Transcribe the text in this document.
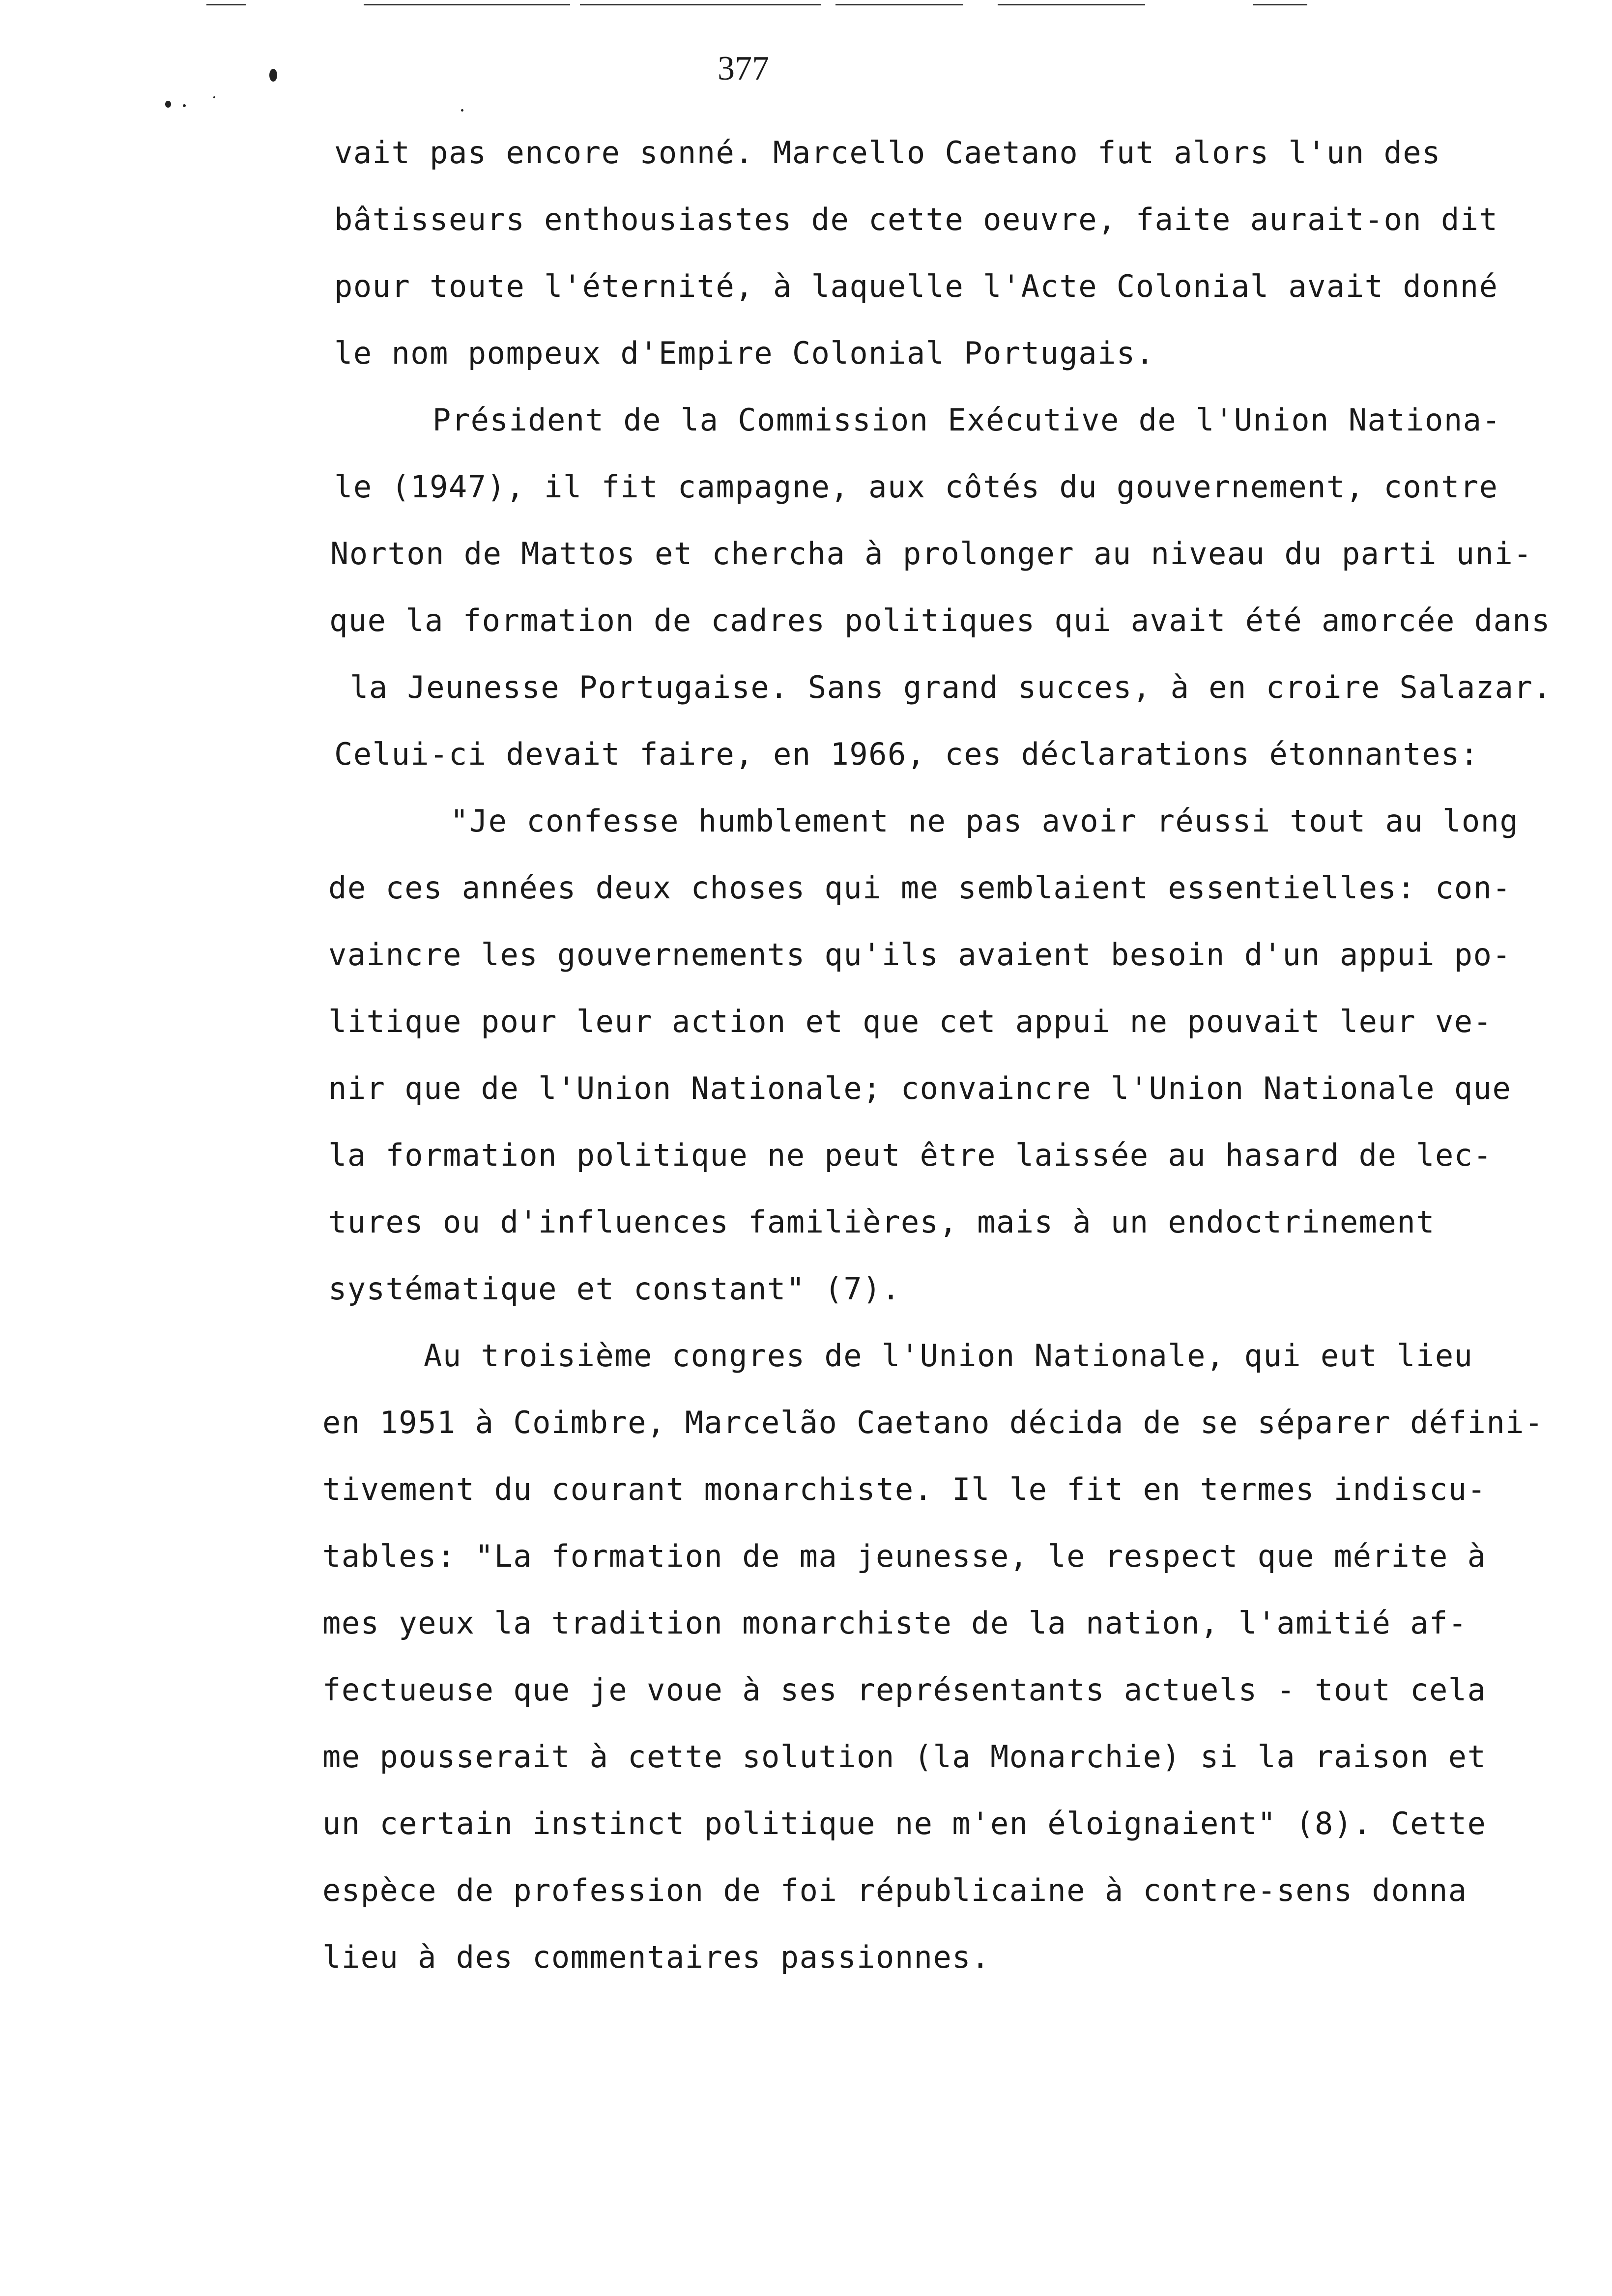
377
vait pas encore sonné. Marcello Caetano fut alors l'un des
bâtisseurs enthousiastes de cette oeuvre, faite aurait-on dit
pour toute l'éternité, à laquelle l'Acte Colonial avait donné
le nom pompeux d'Empire Colonial Portugais.
Président de la Commission Exécutive de l'Union Nationa-
le (1947), il fit campagne, aux côtés du gouvernement, contre
Norton de Mattos et chercha à prolonger au niveau du parti uni-
que la formation de cadres politiques qui avait été amorcée dans
la Jeunesse Portugaise. Sans grand succes, à en croire Salazar.
Celui-ci devait faire, en 1966, ces déclarations étonnantes:
"Je confesse humblement ne pas avoir réussi tout au long
de ces années deux choses qui me semblaient essentielles: con-
vaincre les gouvernements qu'ils avaient besoin d'un appui po-
litique pour leur action et que cet appui ne pouvait leur ve-
nir que de l'Union Nationale; convaincre l'Union Nationale que
la formation politique ne peut être laissée au hasard de lec-
tures ou d'influences familières, mais à un endoctrinement
systématique et constant" (7).
Au troisième congres de l'Union Nationale, qui eut lieu
en 1951 à Coimbre, Marcelão Caetano décida de se séparer défini-
tivement du courant monarchiste. Il le fit en termes indiscu-
tables: "La formation de ma jeunesse, le respect que mérite à
mes yeux la tradition monarchiste de la nation, l'amitié af-
fectueuse que je voue à ses représentants actuels - tout cela
me pousserait à cette solution (la Monarchie) si la raison et
un certain instinct politique ne m'en éloignaient" (8). Cette
espèce de profession de foi républicaine à contre-sens donna
lieu à des commentaires passionnes.
